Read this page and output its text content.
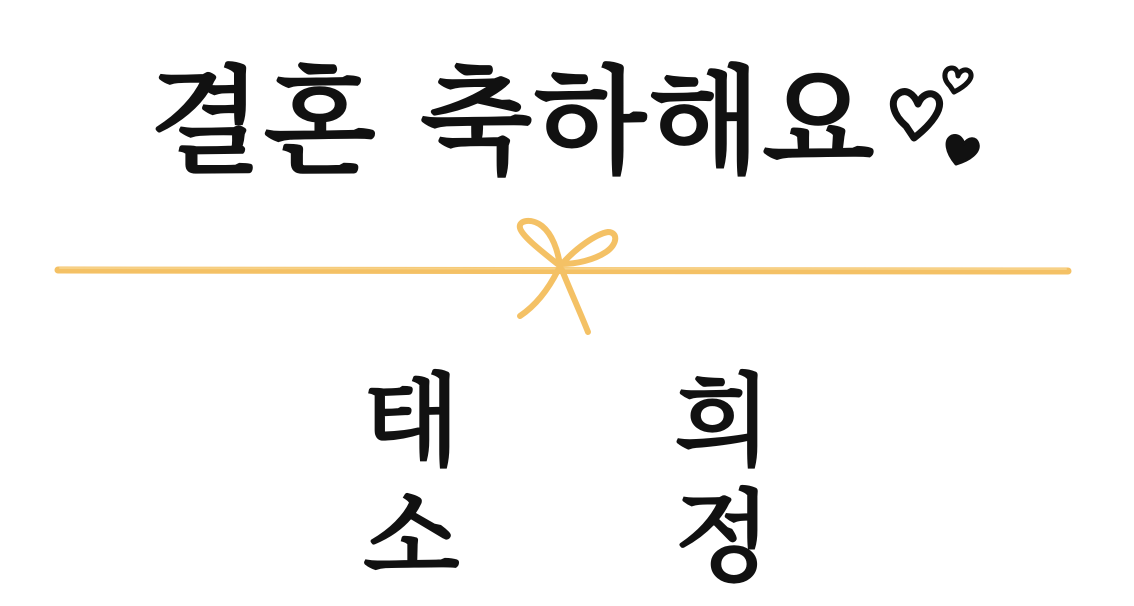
결혼 축하해요
태 희
소 정
